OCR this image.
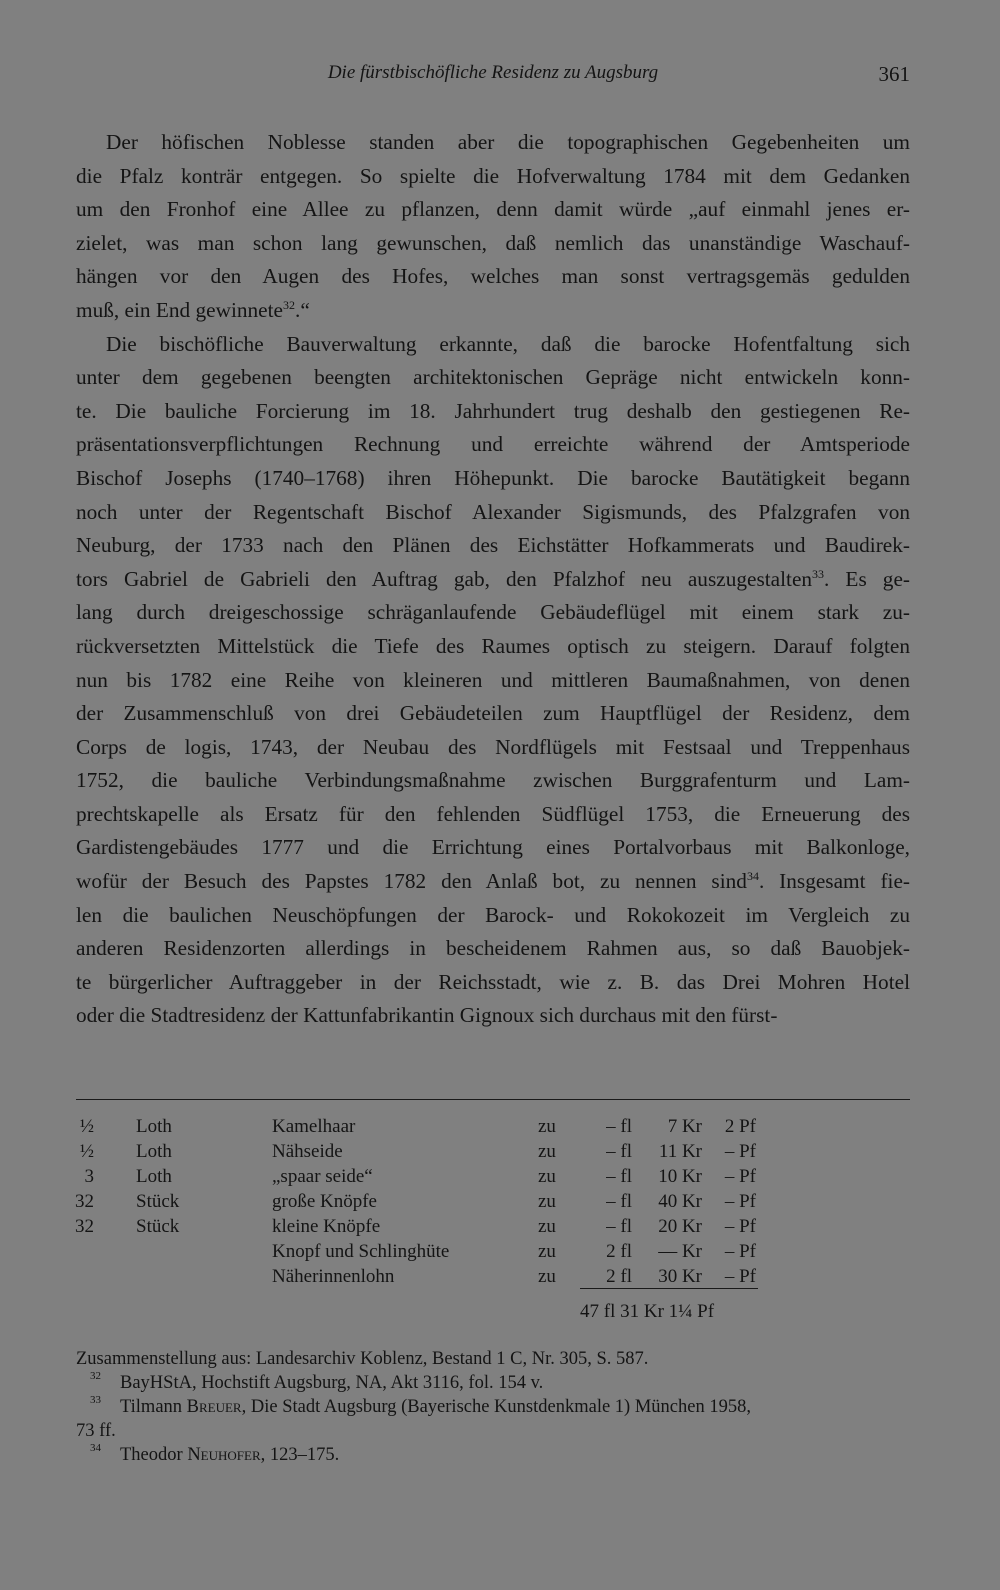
Die fürstbischöfliche Residenz zu Augsburg	361
Der höfischen Noblesse standen aber die topographischen Gegebenheiten um
die Pfalz konträr entgegen. So spielte die Hofverwaltung 1784 mit dem Gedanken
um den Fronhof eine Allee zu pflanzen, denn damit würde „auf einmahl jenes er-
zielet, was man schon lang gewunschen, daß nemlich das unanständige Waschauf-
hängen vor den Augen des Hofes, welches man sonst vertragsgemäs gedulden
muß, ein End gewinnete$^{32}$.“
Die bischöfliche Bauverwaltung erkannte, daß die barocke Hofentfaltung sich
unter dem gegebenen beengten architektonischen Gepräge nicht entwickeln konn-
te. Die bauliche Forcierung im 18. Jahrhundert trug deshalb den gestiegenen Re-
präsentationsverpflichtungen Rechnung und erreichte während der Amtsperiode
Bischof Josephs (1740–1768) ihren Höhepunkt. Die barocke Bautätigkeit begann
noch unter der Regentschaft Bischof Alexander Sigismunds, des Pfalzgrafen von
Neuburg, der 1733 nach den Plänen des Eichstätter Hofkammerats und Baudirek-
tors Gabriel de Gabrieli den Auftrag gab, den Pfalzhof neu auszugestalten$^{33}$. Es ge-
lang durch dreigeschossige schräganlaufende Gebäudeflügel mit einem stark zu-
rückversetzten Mittelstück die Tiefe des Raumes optisch zu steigern. Darauf folgten
nun bis 1782 eine Reihe von kleineren und mittleren Baumaßnahmen, von denen
der Zusammenschluß von drei Gebäudeteilen zum Hauptflügel der Residenz, dem
Corps de logis, 1743, der Neubau des Nordflügels mit Festsaal und Treppenhaus
1752, die bauliche Verbindungsmaßnahme zwischen Burggrafenturm und Lam-
prechtskapelle als Ersatz für den fehlenden Südflügel 1753, die Erneuerung des
Gardistengebäudes 1777 und die Errichtung eines Portalvorbaus mit Balkonloge,
wofür der Besuch des Papstes 1782 den Anlaß bot, zu nennen sind$^{34}$. Insgesamt fie-
len die baulichen Neuschöpfungen der Barock- und Rokokozeit im Vergleich zu
anderen Residenzorten allerdings in bescheidenem Rahmen aus, so daß Bauobjek-
te bürgerlicher Auftraggeber in der Reichsstadt, wie z. B. das Drei Mohren Hotel
oder die Stadtresidenz der Kattunfabrikantin Gignoux sich durchaus mit den fürst-
½ Loth	Kamelhaar	zu	– fl	7 Kr	2 Pf
½ Loth	Nähseide	zu	– fl	11 Kr	– Pf
3 Loth	„spaar seide“	zu	– fl	10 Kr	– Pf
32 Stück	große Knöpfe	zu	– fl	40 Kr	– Pf
32 Stück	kleine Knöpfe	zu	– fl	20 Kr	– Pf
Knopf und Schlinghüte	zu	2 fl	— Kr	– Pf
Näherinnenlohn	zu	2 fl	30 Kr	– Pf
47 fl 31 Kr 1¼ Pf
Zusammenstellung aus: Landesarchiv Koblenz, Bestand 1 C, Nr. 305, S. 587.
32	BayHStA, Hochstift Augsburg, NA, Akt 3116, fol. 154 v.
33	Tilmann Breuer, Die Stadt Augsburg (Bayerische Kunstdenkmale 1) München 1958,
73 ff.
34	Theodor Neuhofer, 123–175.
